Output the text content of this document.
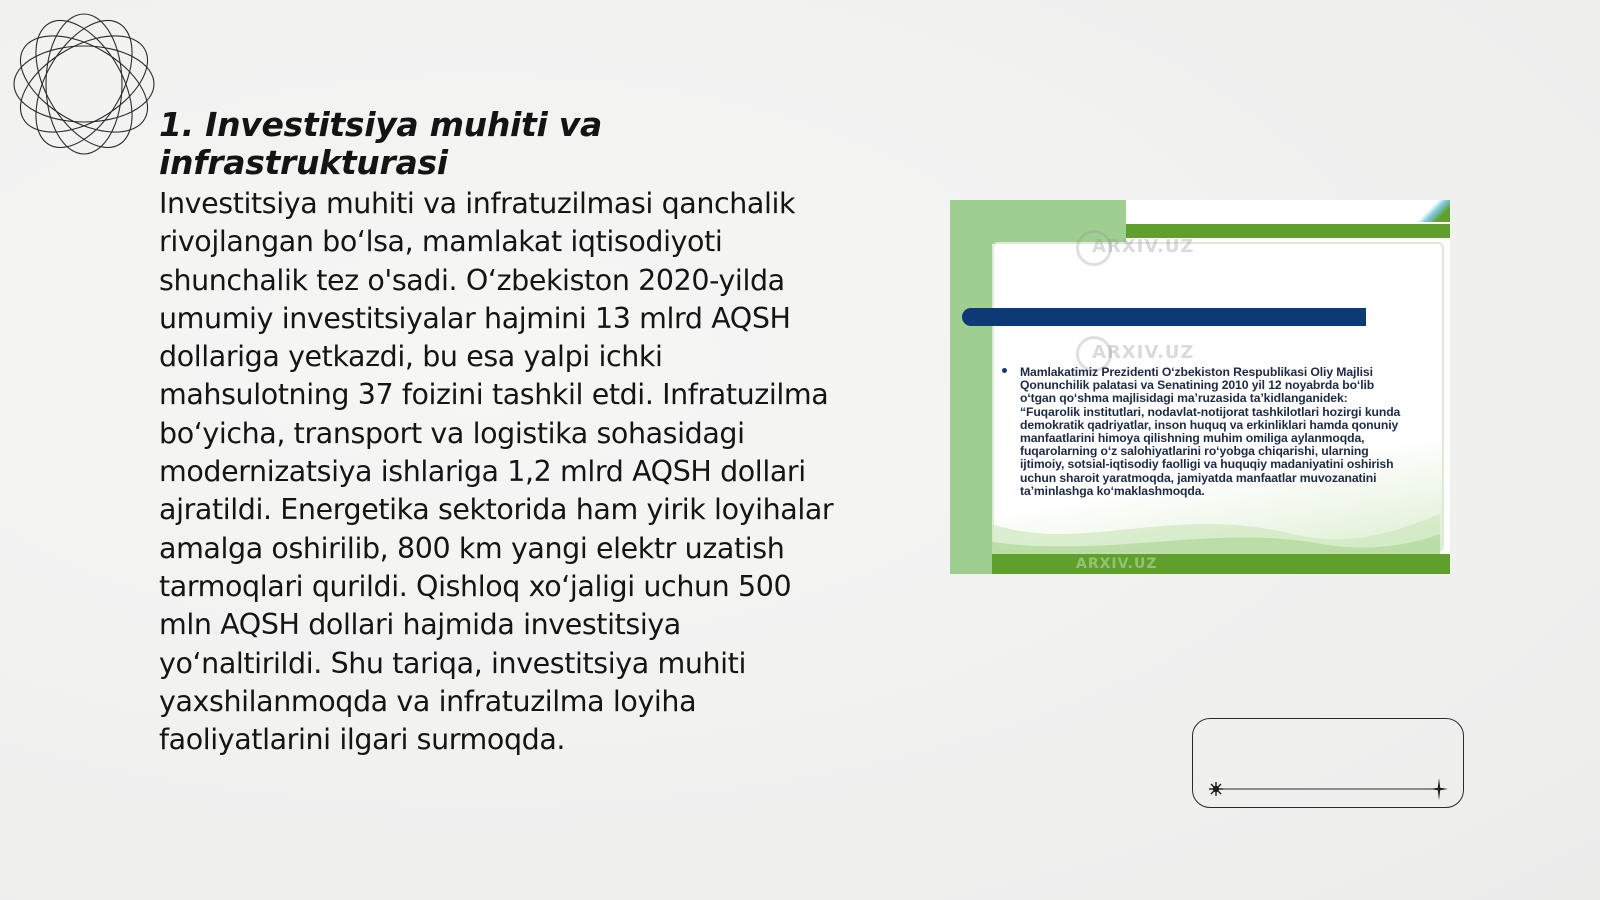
1. Investitsiya muhiti va infrastrukturasi

Investitsiya muhiti va infratuzilmasi qanchalik rivojlangan bo‘lsa, mamlakat iqtisodiyoti shunchalik tez o'sadi. O‘zbekiston 2020-yilda umumiy investitsiyalar hajmini 13 mlrd AQSH dollariga yetkazdi, bu esa yalpi ichki mahsulotning 37 foizini tashkil etdi. Infratuzilma bo‘yicha, transport va logistika sohasidagi modernizatsiya ishlariga 1,2 mlrd AQSH dollari ajratildi. Energetika sektorida ham yirik loyihalar amalga oshirilib, 800 km yangi elektr uzatish tarmoqlari qurildi. Qishloq xo‘jaligi uchun 500 mln AQSH dollari hajmida investitsiya yo‘naltirildi. Shu tariqa, investitsiya muhiti yaxshilanmoqda va infratuzilma loyiha faoliyatlarini ilgari surmoqda.

ARXIV.UZ
ARXIV.UZ
ARXIV.UZ

Mamlakatimiz Prezidenti O‘zbekiston Respublikasi Oliy Majlisi Qonunchilik palatasi va Senatining 2010 yil 12 noyabrda bo‘lib o‘tgan qo‘shma majlisidagi ma’ruzasida ta’kidlanganidek: “Fuqarolik institutlari, nodavlat-notijorat tashkilotlari hozirgi kunda demokratik qadriyatlar, inson huquq va erkinliklari hamda qonuniy manfaatlarini himoya qilishning muhim omiliga aylanmoqda, fuqarolarning o‘z salohiyatlarini ro‘yobga chiqarishi, ularning ijtimoiy, sotsial-iqtisodiy faolligi va huquqiy madaniyatini oshirish uchun sharoit yaratmoqda, jamiyatda manfaatlar muvozanatini ta’minlashga ko‘maklashmoqda.
